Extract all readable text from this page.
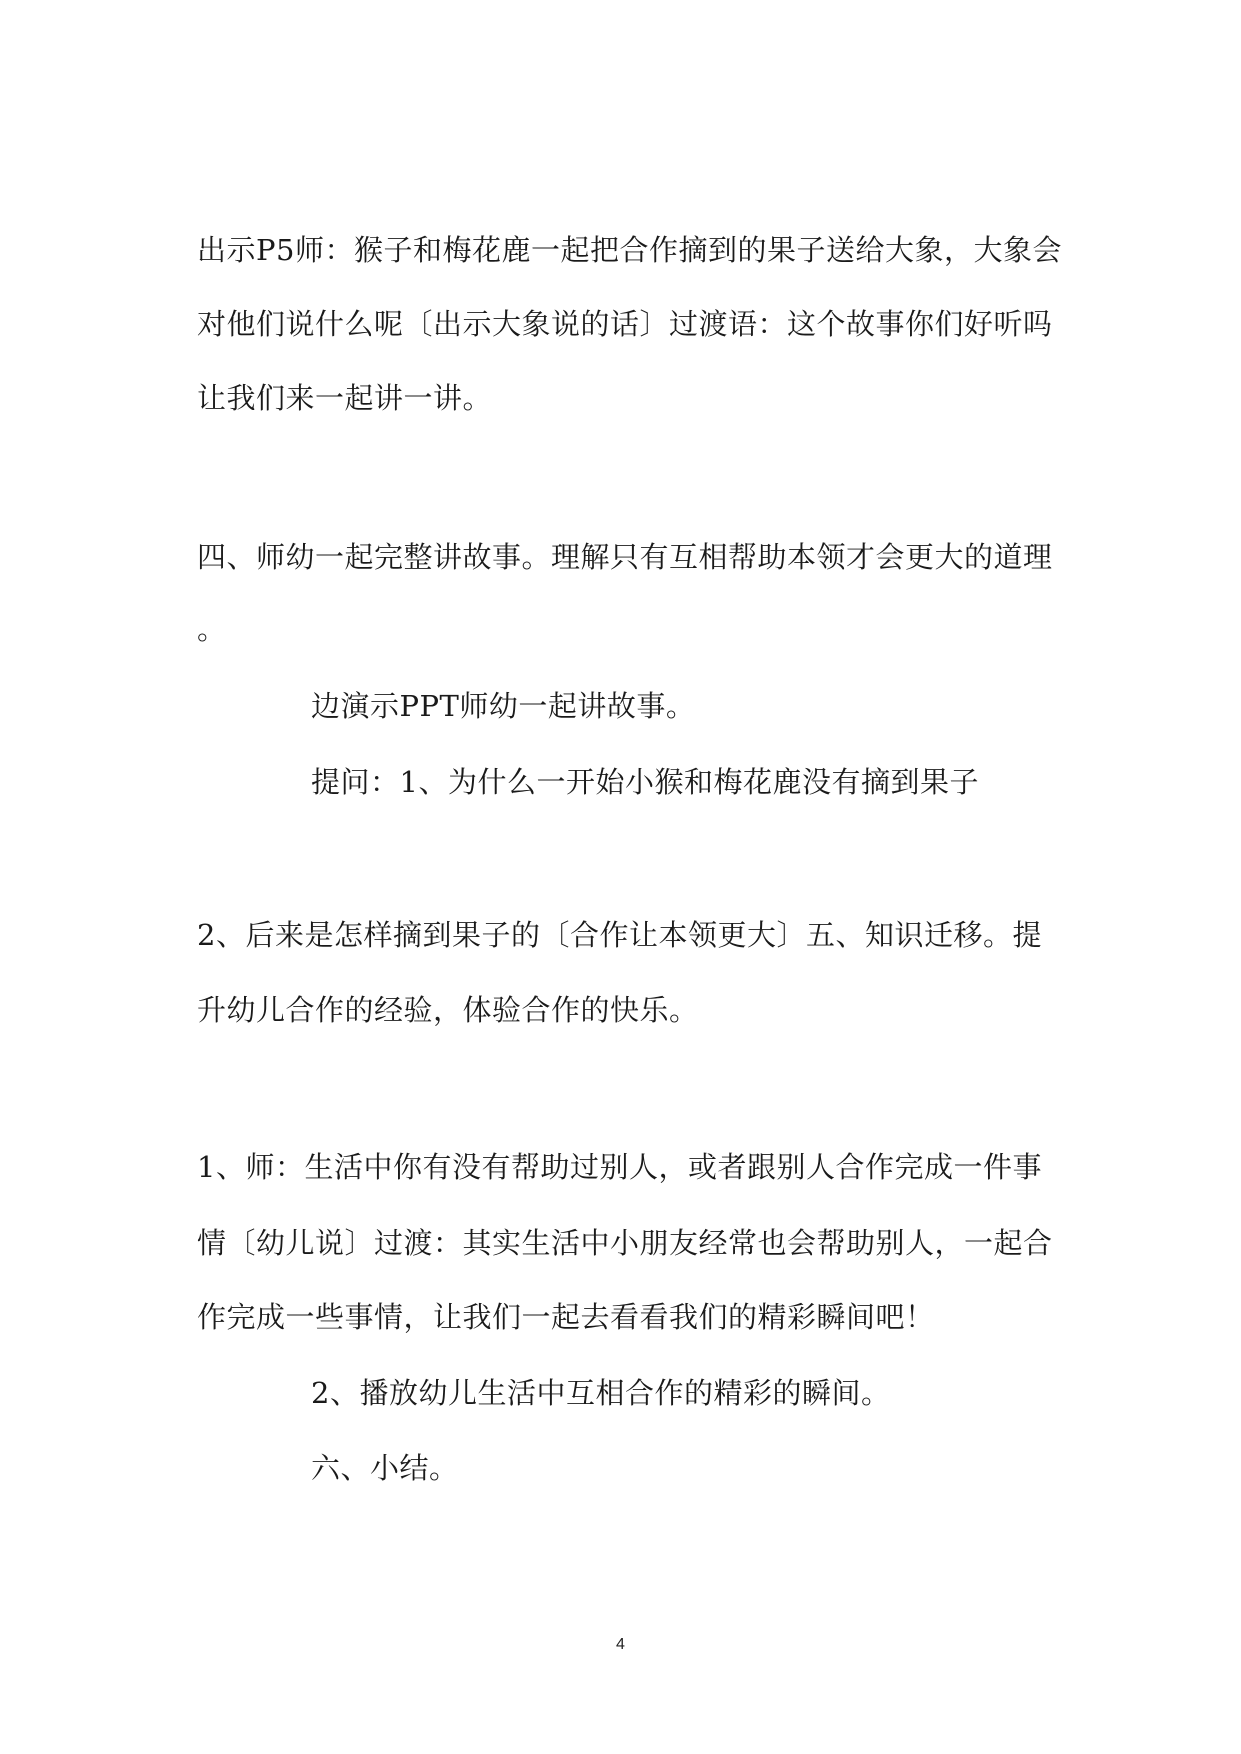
出示P5师：猴子和梅花鹿一起把合作摘到的果子送给大象，大象会
对他们说什么呢〔出示大象说的话〕过渡语：这个故事你们好听吗
让我们来一起讲一讲。
四、师幼一起完整讲故事。理解只有互相帮助本领才会更大的道理
。
边演示PPT师幼一起讲故事。
提问：1、为什么一开始小猴和梅花鹿没有摘到果子
2、后来是怎样摘到果子的〔合作让本领更大〕五、知识迁移。提
升幼儿合作的经验，体验合作的快乐。
1、师：生活中你有没有帮助过别人，或者跟别人合作完成一件事
情〔幼儿说〕过渡：其实生活中小朋友经常也会帮助别人，一起合
作完成一些事情，让我们一起去看看我们的精彩瞬间吧！
2、播放幼儿生活中互相合作的精彩的瞬间。
六、小结。
4
